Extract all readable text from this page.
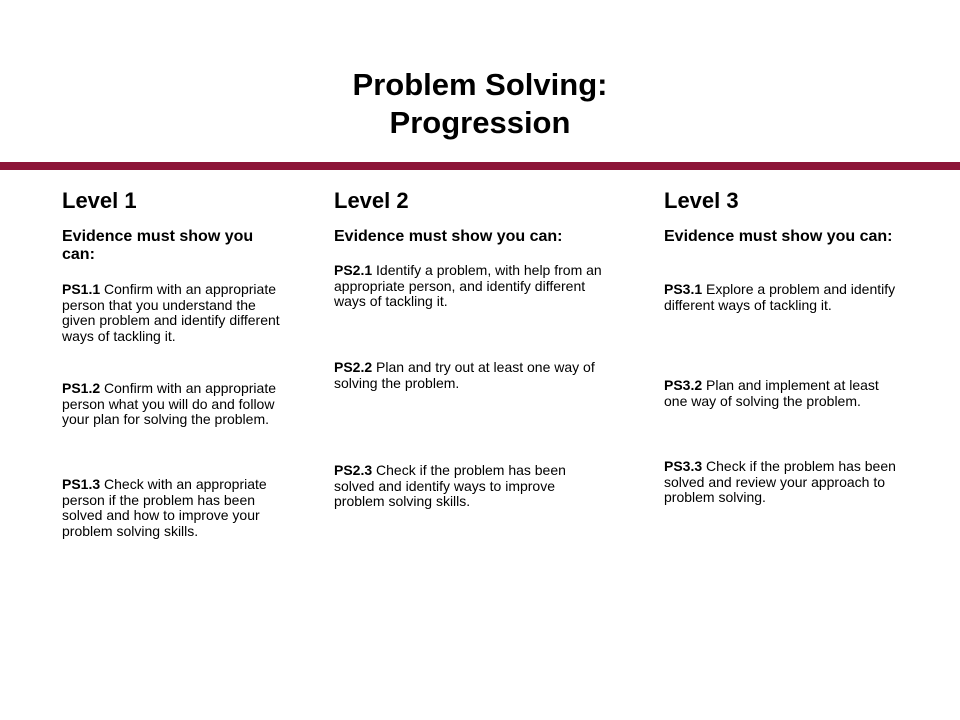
Problem Solving:
Progression
Level 1
Evidence must show you can:
PS1.1 Confirm with an appropriate person that you understand the given problem and identify different ways of tackling it.
PS1.2 Confirm with an appropriate person what you will do and follow your plan for solving the problem.
PS1.3 Check with an appropriate person if the problem has been solved and how to improve your problem solving skills.
Level 2
Evidence must show you can:
PS2.1 Identify a problem, with help from an appropriate person, and identify different ways of tackling it.
PS2.2 Plan and try out at least one way of solving the problem.
PS2.3 Check if the problem has been solved and identify ways to improve problem solving skills.
Level 3
Evidence must show you can:
PS3.1 Explore a problem and identify different ways of tackling it.
PS3.2 Plan and implement at least one way of solving the problem.
PS3.3 Check if the problem has been solved and review your approach to problem solving.
